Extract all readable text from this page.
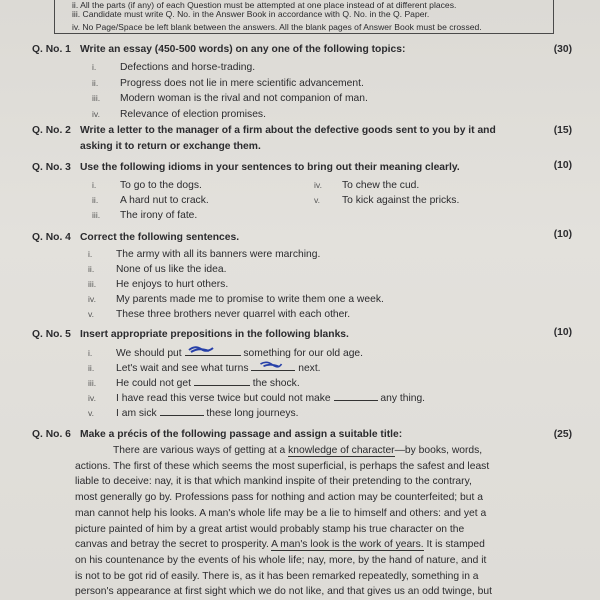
ii. All the parts (if any) of each Question must be attempted at one place instead of at different places.
iii. Candidate must write Q. No. in the Answer Book in accordance with Q. No. in the Q. Paper.
iv. No Page/Space be left blank between the answers. All the blank pages of Answer Book must be crossed.
Q. No. 1 Write an essay (450-500 words) on any one of the following topics:	(30)
i. Defections and horse-trading.
ii. Progress does not lie in mere scientific advancement.
iii. Modern woman is the rival and not companion of man.
iv. Relevance of election promises.
Q. No. 2 Write a letter to the manager of a firm about the defective goods sent to you by it and	(15)
asking it to return or exchange them.
Q. No. 3 Use the following idioms in your sentences to bring out their meaning clearly.	(10)
i. To go to the dogs.
ii. A hard nut to crack.
iii. The irony of fate.
iv. To chew the cud.
v. To kick against the pricks.
Q. No. 4 Correct the following sentences.	(10)
i. The army with all its banners were marching.
ii. None of us like the idea.
iii. He enjoys to hurt others.
iv. My parents made me to promise to write them one a week.
v. These three brothers never quarrel with each other.
Q. No. 5 Insert appropriate prepositions in the following blanks.	(10)
i. We should put	something for our old age.
ii. Let's wait and see what turns	next.
iii. He could not get	the shock.
iv. I have read this verse twice but could not make	any thing.
v. I am sick	these long journeys.
Q. No. 6 Make a précis of the following passage and assign a suitable title:	(25)
There are various ways of getting at a knowledge of character—by books, words,
actions. The first of these which seems the most superficial, is perhaps the safest and least
liable to deceive: nay, it is that which mankind inspite of their pretending to the contrary,
most generally go by. Professions pass for nothing and action may be counterfeited; but a
man cannot help his looks. A man's whole life may be a lie to himself and others: and yet a
picture painted of him by a great artist would probably stamp his true character on the
canvas and betray the secret to prosperity. A man's look is the work of years. It is stamped
on his countenance by the events of his whole life; nay, more, by the hand of nature, and it
is not to be got rid of easily. There is, as it has been remarked repeatedly, something in a
person's appearance at first sight which we do not like, and that gives us an odd twinge, but
